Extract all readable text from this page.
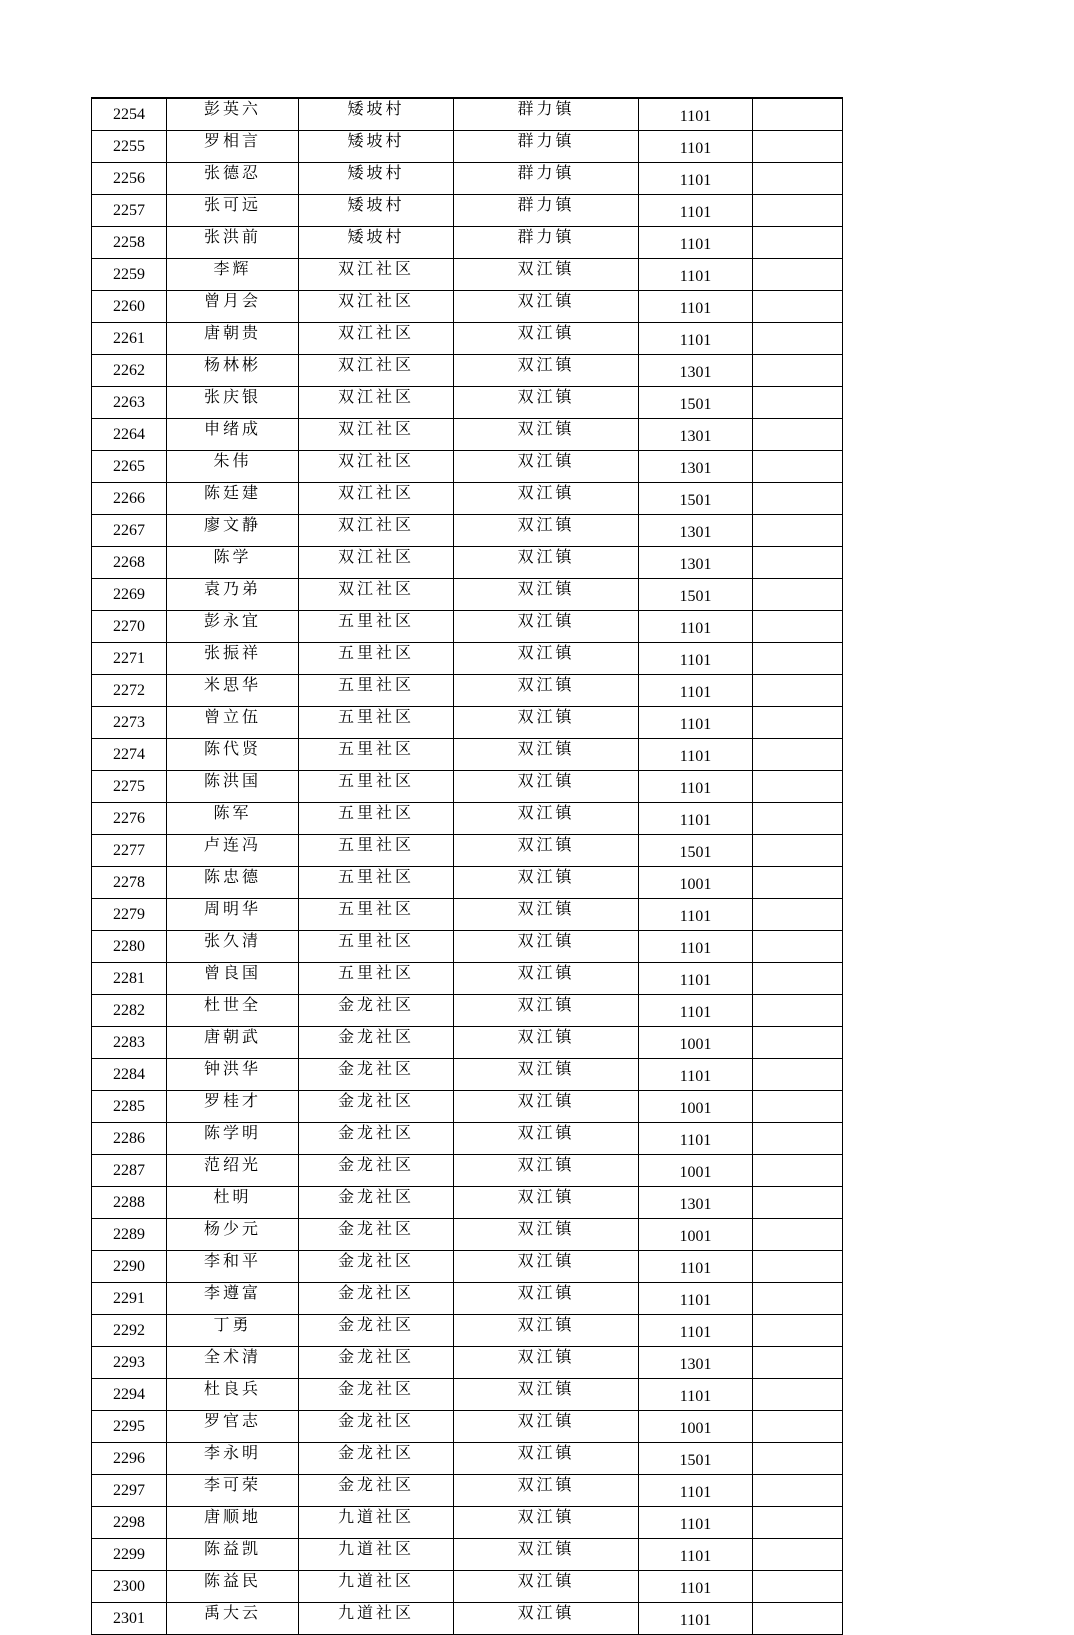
2254	彭英六	矮坡村	群力镇	1101	
2255	罗相言	矮坡村	群力镇	1101	
2256	张德忍	矮坡村	群力镇	1101	
2257	张可远	矮坡村	群力镇	1101	
2258	张洪前	矮坡村	群力镇	1101	
2259	李辉	双江社区	双江镇	1101	
2260	曾月会	双江社区	双江镇	1101	
2261	唐朝贵	双江社区	双江镇	1101	
2262	杨林彬	双江社区	双江镇	1301	
2263	张庆银	双江社区	双江镇	1501	
2264	申绪成	双江社区	双江镇	1301	
2265	朱伟	双江社区	双江镇	1301	
2266	陈廷建	双江社区	双江镇	1501	
2267	廖文静	双江社区	双江镇	1301	
2268	陈学	双江社区	双江镇	1301	
2269	袁乃弟	双江社区	双江镇	1501	
2270	彭永宜	五里社区	双江镇	1101	
2271	张振祥	五里社区	双江镇	1101	
2272	米思华	五里社区	双江镇	1101	
2273	曾立伍	五里社区	双江镇	1101	
2274	陈代贤	五里社区	双江镇	1101	
2275	陈洪国	五里社区	双江镇	1101	
2276	陈军	五里社区	双江镇	1101	
2277	卢连冯	五里社区	双江镇	1501	
2278	陈忠德	五里社区	双江镇	1001	
2279	周明华	五里社区	双江镇	1101	
2280	张久清	五里社区	双江镇	1101	
2281	曾良国	五里社区	双江镇	1101	
2282	杜世全	金龙社区	双江镇	1101	
2283	唐朝武	金龙社区	双江镇	1001	
2284	钟洪华	金龙社区	双江镇	1101	
2285	罗桂才	金龙社区	双江镇	1001	
2286	陈学明	金龙社区	双江镇	1101	
2287	范绍光	金龙社区	双江镇	1001	
2288	杜明	金龙社区	双江镇	1301	
2289	杨少元	金龙社区	双江镇	1001	
2290	李和平	金龙社区	双江镇	1101	
2291	李遵富	金龙社区	双江镇	1101	
2292	丁勇	金龙社区	双江镇	1101	
2293	全术清	金龙社区	双江镇	1301	
2294	杜良兵	金龙社区	双江镇	1101	
2295	罗官志	金龙社区	双江镇	1001	
2296	李永明	金龙社区	双江镇	1501	
2297	李可荣	金龙社区	双江镇	1101	
2298	唐顺地	九道社区	双江镇	1101	
2299	陈益凯	九道社区	双江镇	1101	
2300	陈益民	九道社区	双江镇	1101	
2301	禹大云	九道社区	双江镇	1101	
